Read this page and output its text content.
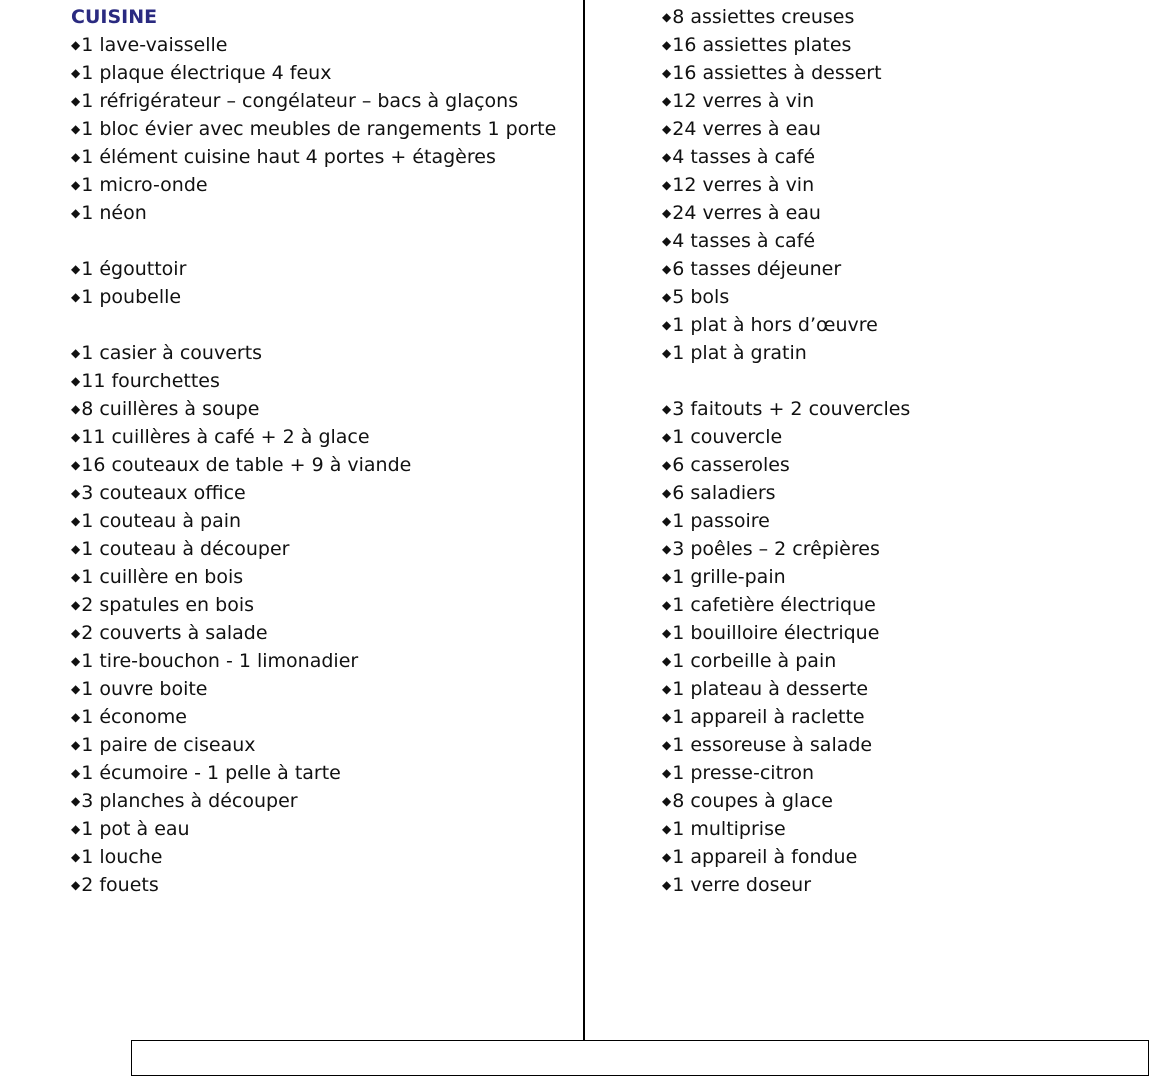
CUISINE
◆1 lave-vaisselle
◆1 plaque électrique 4 feux
◆1 réfrigérateur – congélateur – bacs à glaçons
◆1 bloc évier avec meubles de rangements 1 porte
◆1 élément cuisine haut 4 portes + étagères
◆1 micro-onde
◆1 néon
◆1 égouttoir
◆1 poubelle
◆1 casier à couverts
◆11 fourchettes
◆8 cuillères à soupe
◆11 cuillères à café + 2 à glace
◆16 couteaux de table + 9 à viande
◆3 couteaux office
◆1 couteau à pain
◆1 couteau à découper
◆1 cuillère en bois
◆2 spatules en bois
◆2 couverts à salade
◆1 tire-bouchon - 1 limonadier
◆1 ouvre boite
◆1 économe
◆1 paire de ciseaux
◆1 écumoire - 1 pelle à tarte
◆3 planches à découper
◆1 pot à eau
◆1 louche
◆2 fouets
◆8 assiettes creuses
◆16 assiettes plates
◆16 assiettes à dessert
◆12 verres à vin
◆24 verres à eau
◆4 tasses à café
◆12 verres à vin
◆24 verres à eau
◆4 tasses à café
◆6 tasses déjeuner
◆5 bols
◆1 plat à hors d’œuvre
◆1 plat à gratin
◆3 faitouts + 2 couvercles
◆1 couvercle
◆6 casseroles
◆6 saladiers
◆1 passoire
◆3 poêles – 2 crêpières
◆1 grille-pain
◆1 cafetière électrique
◆1 bouilloire électrique
◆1 corbeille à pain
◆1 plateau à desserte
◆1 appareil à raclette
◆1 essoreuse à salade
◆1 presse-citron
◆8 coupes à glace
◆1 multiprise
◆1 appareil à fondue
◆1 verre doseur
